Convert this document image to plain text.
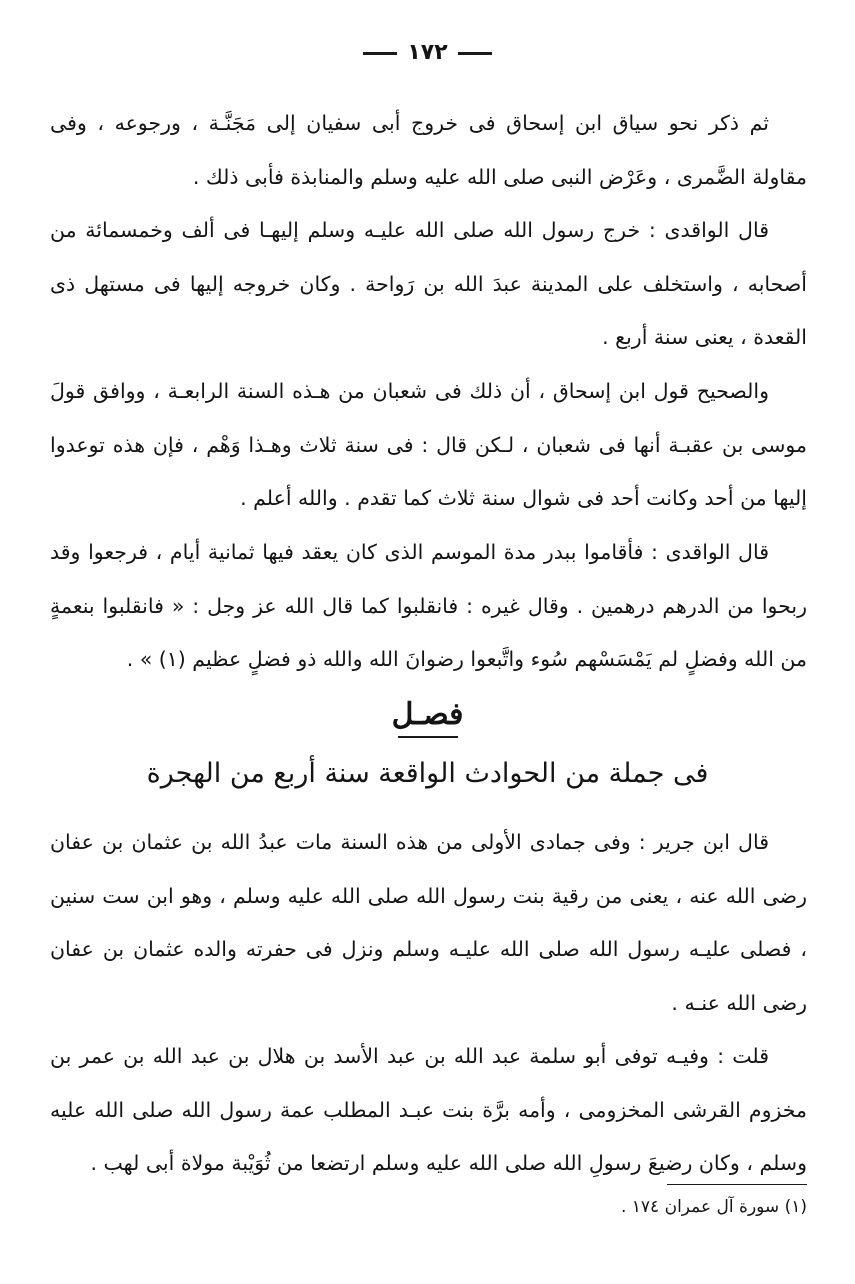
١٧٢

ثم ذكر نحو سياق ابن إسحاق فى خروج أبى سفيان إلى مَجَنَّـة ، ورجوعه ، وفى مقاولة الضَّمرى ، وعَرْض النبى صلى الله عليه وسلم والمنابذة فأبى ذلك .

قال الواقدى : خرج رسول الله صلى الله عليـه وسلم إليهـا فى ألف وخمسمائة من أصحابه ، واستخلف على المدينة عبدَ الله بن رَواحة . وكان خروجه إليها فى مستهل ذى القعدة ، يعنى سنة أربع .

والصحيح قول ابن إسحاق ، أن ذلك فى شعبان من هـذه السنة الرابعـة ، ووافق قولَ موسى بن عقبـة أنها فى شعبان ، لـكن قال : فى سنة ثلاث وهـذا وَهْم ، فإن هذه توعدوا إليها من أحد وكانت أحد فى شوال سنة ثلاث كما تقدم . والله أعلم .

قال الواقدى : فأقاموا ببدر مدة الموسم الذى كان يعقد فيها ثمانية أيام ، فرجعوا وقد ربحوا من الدرهم درهمين . وقال غيره : فانقلبوا كما قال الله عز وجل : « فانقلبوا بنعمةٍ من الله وفضلٍ لم يَمْسَسْهم سُوء واتَّبعوا رضوانَ الله والله ذو فضلٍ عظيم (١) » .

فصـل
فى جملة من الحوادث الواقعة سنة أربع من الهجرة

قال ابن جرير : وفى جمادى الأولى من هذه السنة مات عبدُ الله بن عثمان بن عفان رضى الله عنه ، يعنى من رقية بنت رسول الله صلى الله عليه وسلم ، وهو ابن ست سنين ، فصلى عليـه رسول الله صلى الله عليـه وسلم ونزل فى حفرته والده عثمان بن عفان رضى الله عنـه .

قلت : وفيـه توفى أبو سلمة عبد الله بن عبد الأسد بن هلال بن عبد الله بن عمر بن مخزوم القرشى المخزومى ، وأمه برَّة بنت عبـد المطلب عمة رسول الله صلى الله عليه وسلم ، وكان رضيعَ رسولِ الله صلى الله عليه وسلم ارتضعا من ثُوَيْبة مولاة أبى لهب .

(١) سورة آل عمران ١٧٤ .
